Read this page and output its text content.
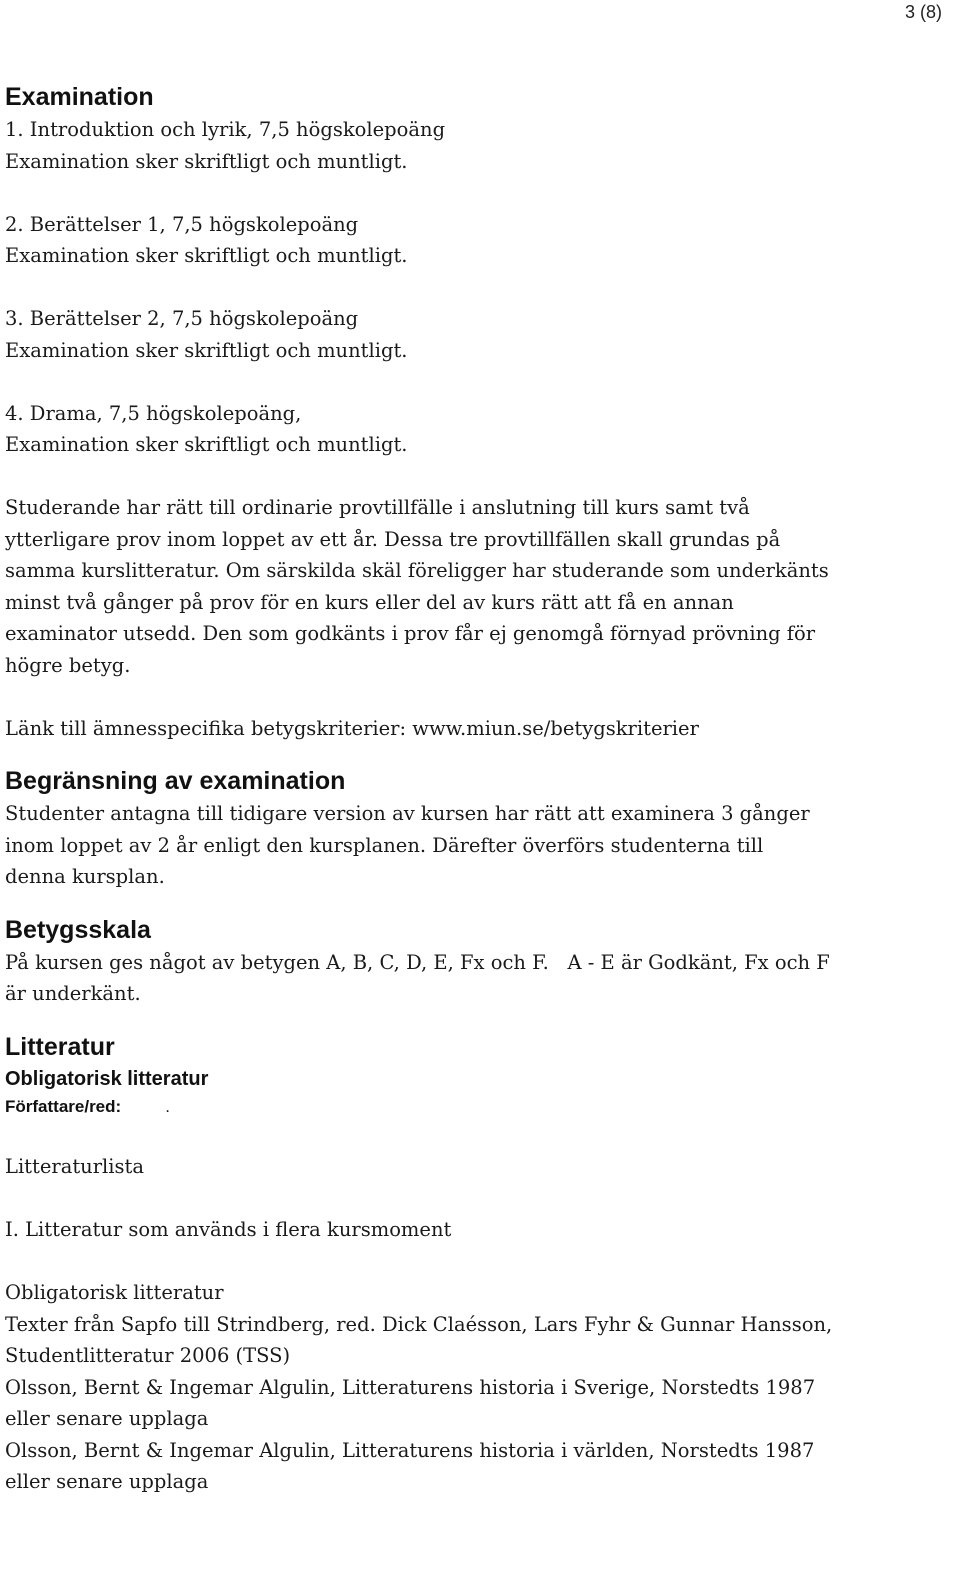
3 (8)
Examination

1. Introduktion och lyrik, 7,5 högskolepoäng

Examination sker skriftligt och muntligt.

2. Berättelser 1, 7,5 högskolepoäng

Examination sker skriftligt och muntligt.

3. Berättelser 2, 7,5 högskolepoäng

Examination sker skriftligt och muntligt.

4. Drama, 7,5 högskolepoäng,

Examination sker skriftligt och muntligt.

Studerande har rätt till ordinarie provtillfälle i anslutning till kurs samt två

ytterligare prov inom loppet av ett år. Dessa tre provtillfällen skall grundas på

samma kurslitteratur. Om särskilda skäl föreligger har studerande som underkänts

minst två gånger på prov för en kurs eller del av kurs rätt att få en annan

examinator utsedd. Den som godkänts i prov får ej genomgå förnyad prövning för

högre betyg.

Länk till ämnesspecifika betygskriterier: www.miun.se/betygskriterier

Begränsning av examination

Studenter antagna till tidigare version av kursen har rätt att examinera 3 gånger

inom loppet av 2 år enligt den kursplanen. Därefter överförs studenterna till

denna kursplan.

Betygsskala

På kursen ges något av betygen A, B, C, D, E, Fx och F.   A - E är Godkänt, Fx och F

är underkänt.

Litteratur
Obligatorisk litteratur
Författare/red:	.

Litteraturlista

I. Litteratur som används i flera kursmoment

Obligatorisk litteratur

Texter från Sapfo till Strindberg, red. Dick Claésson, Lars Fyhr & Gunnar Hansson,

Studentlitteratur 2006 (TSS)

Olsson, Bernt & Ingemar Algulin, Litteraturens historia i Sverige, Norstedts 1987

eller senare upplaga

Olsson, Bernt & Ingemar Algulin, Litteraturens historia i världen, Norstedts 1987

eller senare upplaga
